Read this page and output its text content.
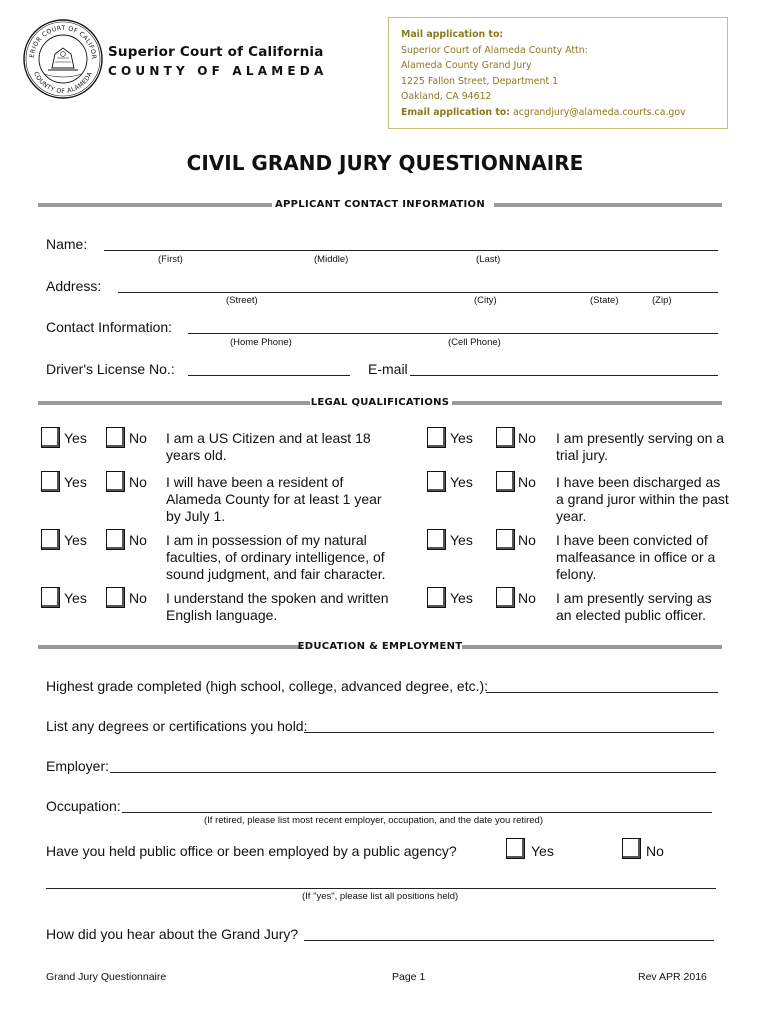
ERIOR COURT OF CALIFOR
COUNTY OF ALAMEDA
Superior Court of California
COUNTY OF ALAMEDA
Mail application to:
Superior Court of Alameda County Attn:
Alameda County Grand Jury
1225 Fallon Street, Department 1
Oakland, CA 94612
Email application to: acgrandjury@alameda.courts.ca.gov
CIVIL GRAND JURY QUESTIONNAIRE
APPLICANT CONTACT INFORMATION
Name:
(First)	(Middle)	(Last)
Address:
(Street)	(City)	(State)	(Zip)
Contact Information:
(Home Phone)	(Cell Phone)
Driver's License No.:	E-mail
LEGAL QUALIFICATIONS
Yes	No I am a US Citizen and at least 18 years old.
Yes	No I am presently serving on a trial jury.
Yes	No I will have been a resident of Alameda County for at least 1 year by July 1.
Yes	No I have been discharged as a grand juror within the past year.
Yes	No I am in possession of my natural faculties, of ordinary intelligence, of sound judgment, and fair character.
Yes	No I have been convicted of malfeasance in office or a felony.
Yes	No I understand the spoken and written English language.
Yes	No I am presently serving as an elected public officer.
EDUCATION & EMPLOYMENT
Highest grade completed (high school, college, advanced degree, etc.):
List any degrees or certifications you hold:
Employer:
Occupation:
(If retired, please list most recent employer, occupation, and the date you retired)
Have you held public office or been employed by a public agency?	Yes	No
(If "yes", please list all positions held)
How did you hear about the Grand Jury?
Grand Jury Questionnaire	Page 1	Rev APR 2016
